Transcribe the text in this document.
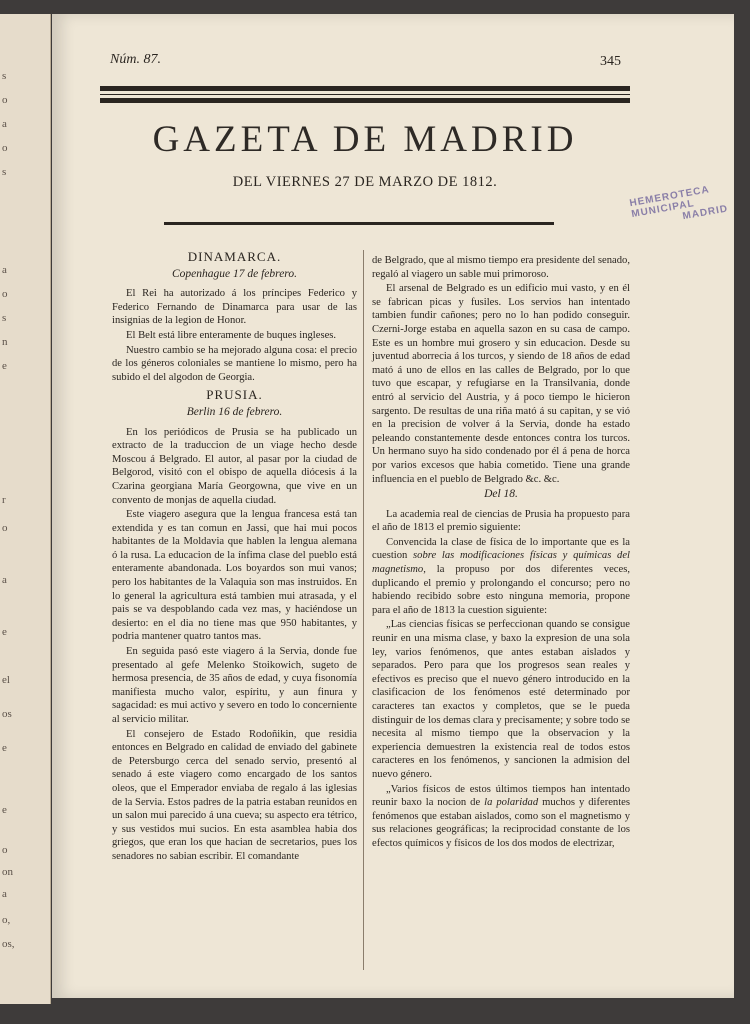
s
o
a
o
s
a
o
s
n
e
r
o
a
e
el
os
e
e
o
on
a
o,
os,
Núm. 87.	345
GAZETA DE MADRID
DEL VIERNES 27 DE MARZO DE 1812.
HEMEROTECA MUNICIPAL
MADRID
DINAMARCA.
Copenhague 17 de febrero.

El Rei ha autorizado á los príncipes Federico y Federico Fernando de Dinamarca para usar de las insignias de la legion de Honor.

El Belt está libre enteramente de buques ingleses.

Nuestro cambio se ha mejorado alguna cosa: el precio de los géneros coloniales se mantiene lo mismo, pero ha subido el del algodon de Georgia.

PRUSIA.
Berlin 16 de febrero.

En los periódicos de Prusia se ha publicado un extracto de la traduccion de un viage hecho desde Moscou á Belgrado. El autor, al pasar por la ciudad de Belgorod, visitó con el obispo de aquella diócesis á la Czarina georgiana María Georgowna, que vive en un convento de monjas de aquella ciudad.

Este viagero asegura que la lengua francesa está tan extendida y es tan comun en Jassi, que hai mui pocos habitantes de la Moldavia que hablen la lengua alemana ó la rusa. La educacion de la ínfima clase del pueblo está enteramente abandonada. Los boyardos son mui vanos; pero los habitantes de la Valaquia son mas instruidos. En lo general la agricultura está tambien mui atrasada, y el pais se va despoblando cada vez mas, y haciéndose un desierto: en el dia no tiene mas que 950 habitantes, y podria mantener quatro tantos mas.

En seguida pasó este viagero á la Servia, donde fue presentado al gefe Melenko Stoikowich, sugeto de hermosa presencia, de 35 años de edad, y cuya fisonomía manifiesta mucho valor, espíritu, y aun finura y sagacidad: es mui activo y severo en todo lo concerniente al servicio militar.

El consejero de Estado Rodoñikin, que residia entonces en Belgrado en calidad de enviado del gabinete de Petersburgo cerca del senado servio, presentó al senado á este viagero como encargado de los santos oleos, que el Emperador enviaba de regalo á las iglesias de la Servia. Estos padres de la patria estaban reunidos en un salon mui parecido á una cueva; su aspecto era tétrico, y sus vestidos mui sucios. En esta asamblea habia dos griegos, que eran los que hacian de secretarios, pues los senadores no sabian escribir. El comandante

de Belgrado, que al mismo tiempo era presidente del senado, regaló al viagero un sable mui primoroso.

El arsenal de Belgrado es un edificio mui vasto, y en él se fabrican picas y fusiles. Los servios han intentado tambien fundir cañones; pero no lo han podido conseguir. Czerni-Jorge estaba en aquella sazon en su casa de campo. Este es un hombre mui grosero y sin educacion. Desde su juventud aborrecia á los turcos, y siendo de 18 años de edad mató á uno de ellos en las calles de Belgrado, por lo que tuvo que escapar, y refugiarse en la Transilvania, donde entró al servicio del Austria, y á poco tiempo le hicieron sargento. De resultas de una riña mató á su capitan, y se vió en la precision de volver á la Servia, donde ha estado peleando constantemente desde entonces contra los turcos. Un hermano suyo ha sido condenado por él á pena de horca por varios excesos que habia cometido. Tiene una grande influencia en el pueblo de Belgrado &c. &c.

Del 18.

La academia real de ciencias de Prusia ha propuesto para el año de 1813 el premio siguiente:

Convencida la clase de física de lo importante que es la cuestion sobre las modificaciones físicas y químicas del magnetismo, la propuso por dos diferentes veces, duplicando el premio y prolongando el concurso; pero no habiendo recibido sobre esto ninguna memoria, propone para el año de 1813 la cuestion siguiente:

„Las ciencias físicas se perfeccionan quando se consigue reunir en una misma clase, y baxo la expresion de una sola ley, varios fenómenos, que antes estaban aislados y separados. Pero para que los progresos sean reales y efectivos es preciso que el nuevo género introducido en la clasificacion de los fenómenos esté determinado por caracteres tan exactos y completos, que se le pueda distinguir de los demas clara y precisamente; y sobre todo se necesita al mismo tiempo que la observacion y la experiencia demuestren la existencia real de todos estos caracteres en los fenómenos, y sancionen la admision del nuevo género.

„Varios físicos de estos últimos tiempos han intentado reunir baxo la nocion de la polaridad muchos y diferentes fenómenos que estaban aislados, como son el magnetismo y sus relaciones geográficas; la reciprocidad constante de los efectos químicos y físicos de los dos modos de electrizar,
